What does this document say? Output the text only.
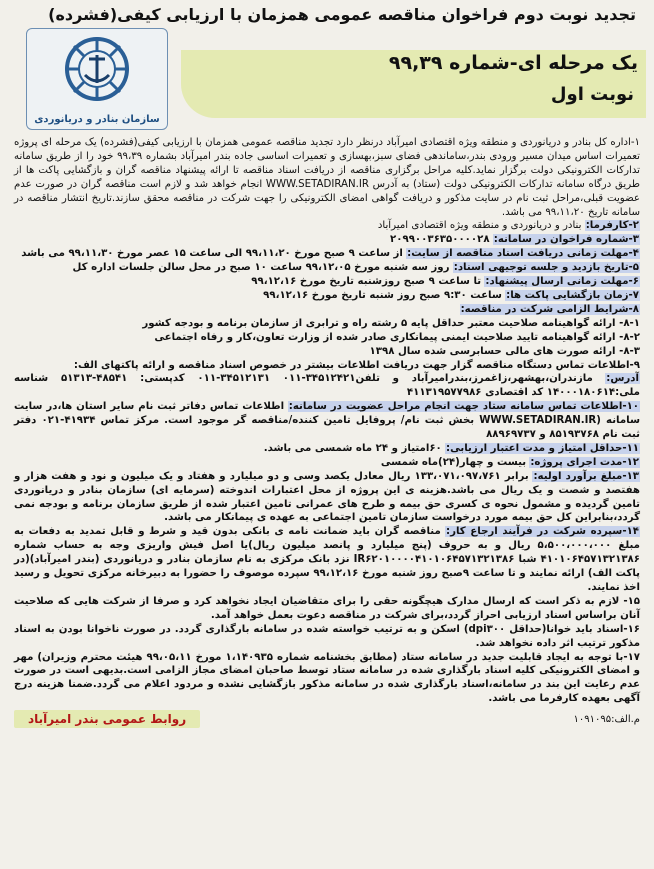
تجدید نوبت دوم فراخوان مناقصه عمومی همزمان با ارزیابی کیفی(فشرده)
یک مرحله ای-شماره ۹۹,۳۹
نوبت اول
سازمان بنادر و دریانوردی

۱-اداره کل بنادر و دریانوردی و منطقه ویژه اقتصادی امیرآباد درنظر دارد تجدید مناقصه عمومی همزمان با ارزیابی کیفی(فشرده) یک مرحله ای پروژه تعمیرات اساس میدان مسیر ورودی بندر،ساماندهی فضای سبز،بهسازی و تعمیرات اساسی جاده بندر امیرآباد بشماره ۹۹،۳۹ خود را از طریق سامانه تدارکات الکترونیکی دولت برگزار نماید.کلیه مراحل برگزاری مناقصه از دریافت اسناد مناقصه تا ارائه پیشنهاد مناقصه گران و بازگشایی پاکت ها از طریق درگاه سامانه تدارکات الکترونیکی دولت (ستاد) به آدرس WWW.SETADIRAN.IR انجام خواهد شد و لازم است مناقصه گران در صورت عدم عضویت قبلی،مراحل ثبت نام در سایت مذکور و دریافت گواهی امضای الکترونیکی را جهت شرکت در مناقصه محقق سازند.تاریخ انتشار مناقصه در سامانه تاریخ ۹۹،۱۱،۲۰ می باشد.

۲-کارفرما: بنادر و دریانوردی و منطقه ویژه اقتصادی امیرآباد

۳-شماره فراخوان در سامانه: ۲۰۹۹۰۰۳۶۳۵۰۰۰۰۲۸

۴-مهلت زمانی دریافت اسناد مناقصه از سایت: از ساعت ۹ صبح مورخ ۹۹،۱۱،۲۰ الی ساعت ۱۵ عصر مورخ ۹۹،۱۱،۳۰ می باشد

۵-تاریخ بازدید و جلسه توجیهی اسناد: روز سه شنبه مورخ ۹۹،۱۲،۰۵ ساعت ۱۰ صبح در محل سالن جلسات اداره کل

۶-مهلت زمانی ارسال پیشنهاد: تا ساعت ۹ صبح روزشنبه تاریخ مورخ ۹۹،۱۲،۱۶

۷-زمان بازگشایی پاکت ها: ساعت ۹:۳۰ صبح روز شنبه تاریخ مورخ ۹۹،۱۲،۱۶

۸-شرایط الزامی شرکت در مناقصه:

۸-۱- ارائه گواهینامه صلاحیت معتبر حداقل پایه ۵ رشته راه و ترابری از سازمان برنامه و بودجه کشور

۸-۲- ارائه گواهینامه تایید صلاحیت ایمنی پیمانکاری صادر شده از وزارت تعاون،کار و رفاه اجتماعی

۸-۳- ارائه صورت های مالی حسابرسی شده سال ۱۳۹۸

۹-اطلاعات تماس دستگاه مناقصه گزار جهت دریافت اطلاعات بیشتر در خصوص اسناد مناقصه و ارائه پاکتهای الف:

آدرس: مازندران،بهشهر،زاغمرز،بندرامیرآباد و تلفن۳۴۵۱۲۴۲۱-۰۱۱ ۳۴۵۱۲۱۳۱-۰۱۱ کدپستی: ۴۸۵۴۱-۵۱۳۱۳ شناسه ملی:۱۴۰۰۰۱۸۰۶۱۴ کد اقتصادی ۴۱۱۳۱۹۵۷۷۹۸۶

۱۰-اطلاعات تماس سامانه ستاد جهت انجام مراحل عضویت در سامانه: اطلاعات تماس دفاتر ثبت نام سایر استان ها،در سایت سامانه (WWW.SETADIRAN.IR بخش ثبت نام/ پروفایل تامین کننده/مناقصه گر موجود است. مرکز تماس ۴۱۹۳۴-۰۲۱ دفتر ثبت نام ۸۵۱۹۳۷۶۸ و ۸۸۹۶۹۷۳۷

۱۱-حداقل امتیاز و مدت اعتبار ارزیابی: ۶۰امتیاز و ۲۴ ماه شمسی می باشد.

۱۲-مدت اجرای پروژه: بیست و چهار(۲۴)ماه شمسی

۱۳-مبلغ برآورد اولیه: برابر ۱۳۳،۰۷۱،۰۹۷،۷۶۱ ریال معادل یکصد وسی و دو میلیارد و هفتاد و یک میلیون و نود و هفت هزار و هفتصد و شصت و یک ریال می باشد.هزینه ی این پروژه از محل اعتبارات اندوخته (سرمایه ای) سازمان بنادر و دریانوردی تامین گردیده و مشمول نحوه ی کسری حق بیمه و طرح های عمرانی تامین اعتبار شده از طریق سازمان برنامه و بودجه نمی گردد،بنابراین کل حق بیمه مورد درخواست سازمان تامین اجتماعی به عهده ی پیمانکار می باشد.

۱۴-سپرده شرکت در فرآیند ارجاع کار: مناقصه گران باید ضمانت نامه ی بانکی بدون قید و شرط و قابل تمدید به دفعات به مبلغ ۵،۵۰۰،۰۰۰،۰۰۰ ریال و به حروف (پنج میلیارد و پانصد میلیون ریال)یا اصل فیش واریزی وجه به حساب شماره ۴۱۰۱۰۶۴۵۷۱۳۲۱۳۸۶ شبا IR۶۲۰۱۰۰۰۰۴۱۰۱۰۶۴۵۷۱۳۲۱۳۸۶ نزد بانک مرکزی به نام سازمان بنادر و دریانوردی (بندر امیرآباد)(در پاکت الف) ارائه نمایند و تا ساعت ۹صبح روز شنبه مورخ ۹۹،۱۲،۱۶ سپرده موصوف را حضورا به دبیرخانه مرکزی تحویل و رسید اخذ نمایند.

۱۵- لازم به ذکر است که ارسال مدارک هیچگونه حقی را برای متقاضیان ایجاد نخواهد کرد و صرفا از شرکت هایی که صلاحیت آنان براساس اسناد ارزیابی احراز گردد،برای شرکت در مناقصه دعوت بعمل خواهد آمد.

۱۶-اسناد باید خوانا(حداقل dpi۳۰۰) اسکن و به ترتیب خواسته شده در سامانه بارگذاری گردد. در صورت ناخوانا بودن به اسناد مذکور ترتیب اثر داده نخواهد شد.

۱۷-با توجه به ایجاد قابلیت جدید در سامانه ستاد (مطابق بخشنامه شماره ۱،۱۴۰۹۳۵ مورخ ۹۹،۰۵،۱۱ هیئت محترم وزیران) مهر و امضای الکترونیکی کلیه اسناد بارگذاری شده در سامانه ستاد توسط صاحبان امضای مجاز الزامی است.بدیهی است در صورت عدم رعایت این بند در سامانه،اسناد بارگذاری شده در سامانه مذکور بازگشایی نشده و مردود اعلام می گردد.ضمنا هزینه درج آگهی بعهده کارفرما می باشد.

م.الف:۱۰۹۱۰۹۵
روابط عمومی بندر امیرآباد
